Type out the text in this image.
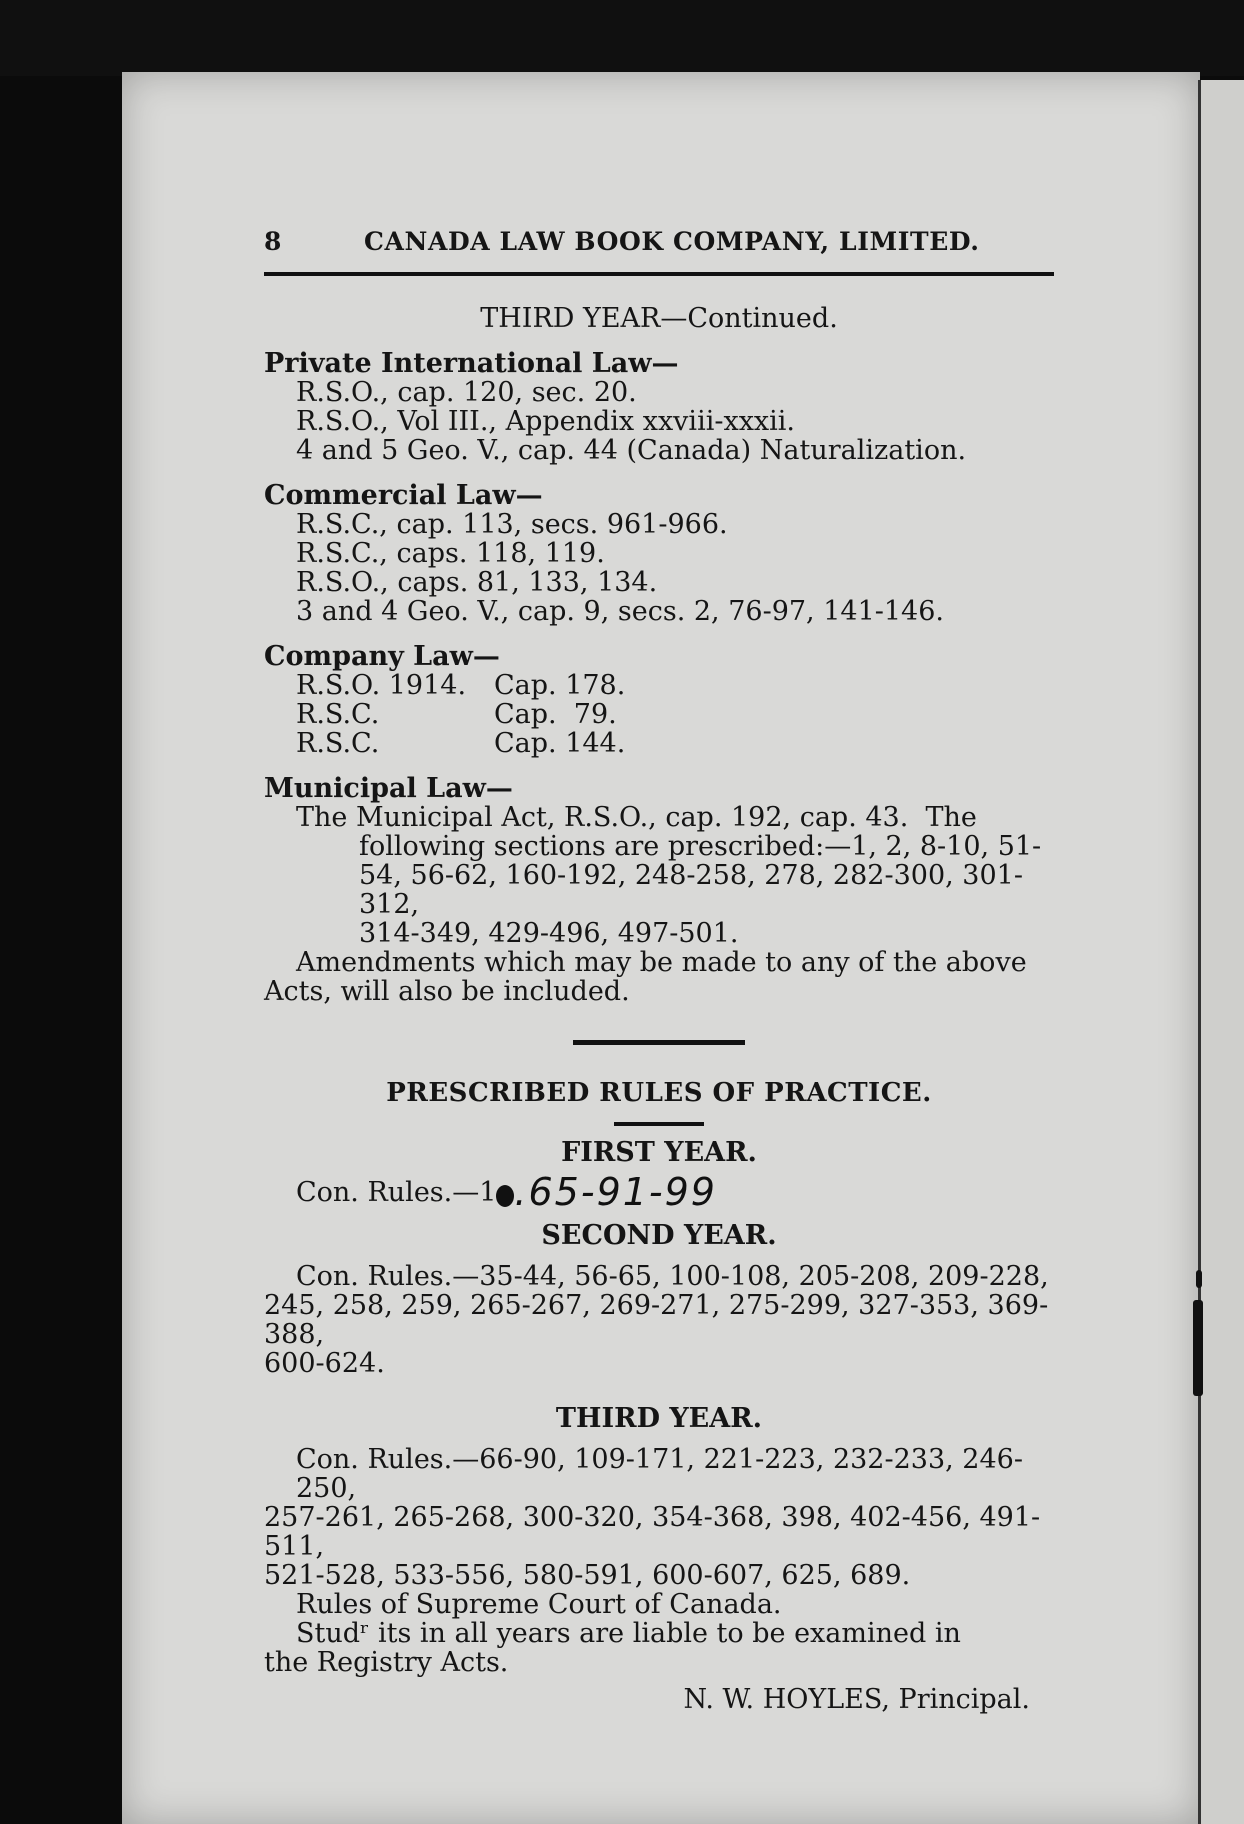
8	CANADA LAW BOOK COMPANY, LIMITED.
THIRD YEAR—Continued.
Private International Law—
R.S.O., cap. 120, sec. 20.
R.S.O., Vol III., Appendix xxviii-xxxii.
4 and 5 Geo. V., cap. 44 (Canada) Naturalization.
Commercial Law—
R.S.C., cap. 113, secs. 961-966.
R.S.C., caps. 118, 119.
R.S.O., caps. 81, 133, 134.
3 and 4 Geo. V., cap. 9, secs. 2, 76-97, 141-146.
Company Law—
R.S.O. 1914.	Cap. 178.
R.S.C.	Cap.  79.
R.S.C.	Cap. 144.
Municipal Law—
The Municipal Act, R.S.O., cap. 192, cap. 43.  The
following sections are prescribed:—1, 2, 8-10, 51-
54, 56-62, 160-192, 248-258, 278, 282-300, 301-312,
314-349, 429-496, 497-501.
Amendments which may be made to any of the above
Acts, will also be included.
PRESCRIBED RULES OF PRACTICE.
FIRST YEAR.
Con. Rules.—1 .65-91-99
SECOND YEAR.
Con. Rules.—35-44, 56-65, 100-108, 205-208, 209-228,
245, 258, 259, 265-267, 269-271, 275-299, 327-353, 369-388,
600-624.
THIRD YEAR.
Con. Rules.—66-90, 109-171, 221-223, 232-233, 246-250,
257-261, 265-268, 300-320, 354-368, 398, 402-456, 491-511,
521-528, 533-556, 580-591, 600-607, 625, 689.
Rules of Supreme Court of Canada.
Studʳ its in all years are liable to be examined in
the Registry Acts.
N. W. HOYLES, Principal.
